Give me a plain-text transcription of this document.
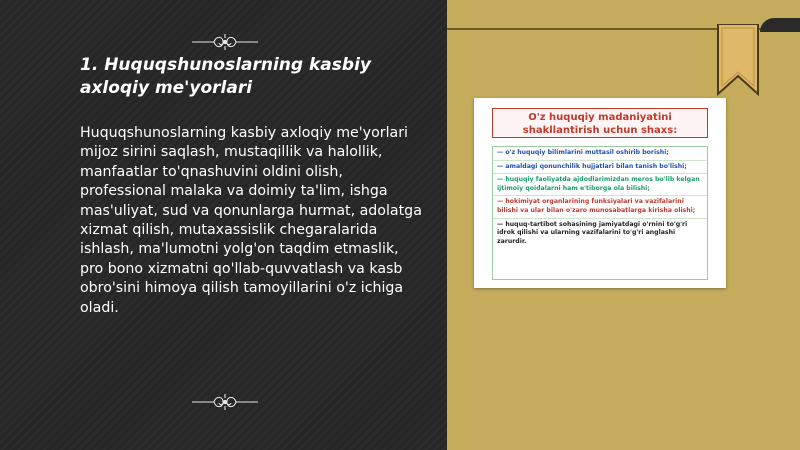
1. Huquqshunoslarning kasbiy axloqiy me'yorlari
Huquqshunoslarning kasbiy axloqiy me'yorlari mijoz sirini saqlash, mustaqillik va halollik, manfaatlar to'qnashuvini oldini olish, professional malaka va doimiy ta'lim, ishga mas'uliyat, sud va qonunlarga hurmat, adolatga xizmat qilish, mutaxassislik chegaralarida ishlash, ma'lumotni yolg'on taqdim etmaslik, pro bono xizmatni qo'llab-quvvatlash va kasb obro'sini himoya qilish tamoyillarini o'z ichiga oladi.
O'z huquqiy madaniyatini shakllantirish uchun shaxs:
— o'z huquqiy bilimlarini muttasil oshirib borishi;
— amaldagi qonunchilik hujjatlari bilan tanish bo'lishi;
— huquqiy faoliyatda ajdodlarimizdan meros bo'lib kelgan ijtimoiy qoidalarni ham e'tiborga ola bilishi;
— hokimiyat organlarining funksiyalari va vazifalarini bilishi va ular bilan o'zaro munosabatlarga kirisha olishi;
— huquq-tartibot sohasining jamiyatdagi o'rnini to'g'ri idrok qilishi va ularning vazifalarini to'g'ri anglashi zarurdir.
